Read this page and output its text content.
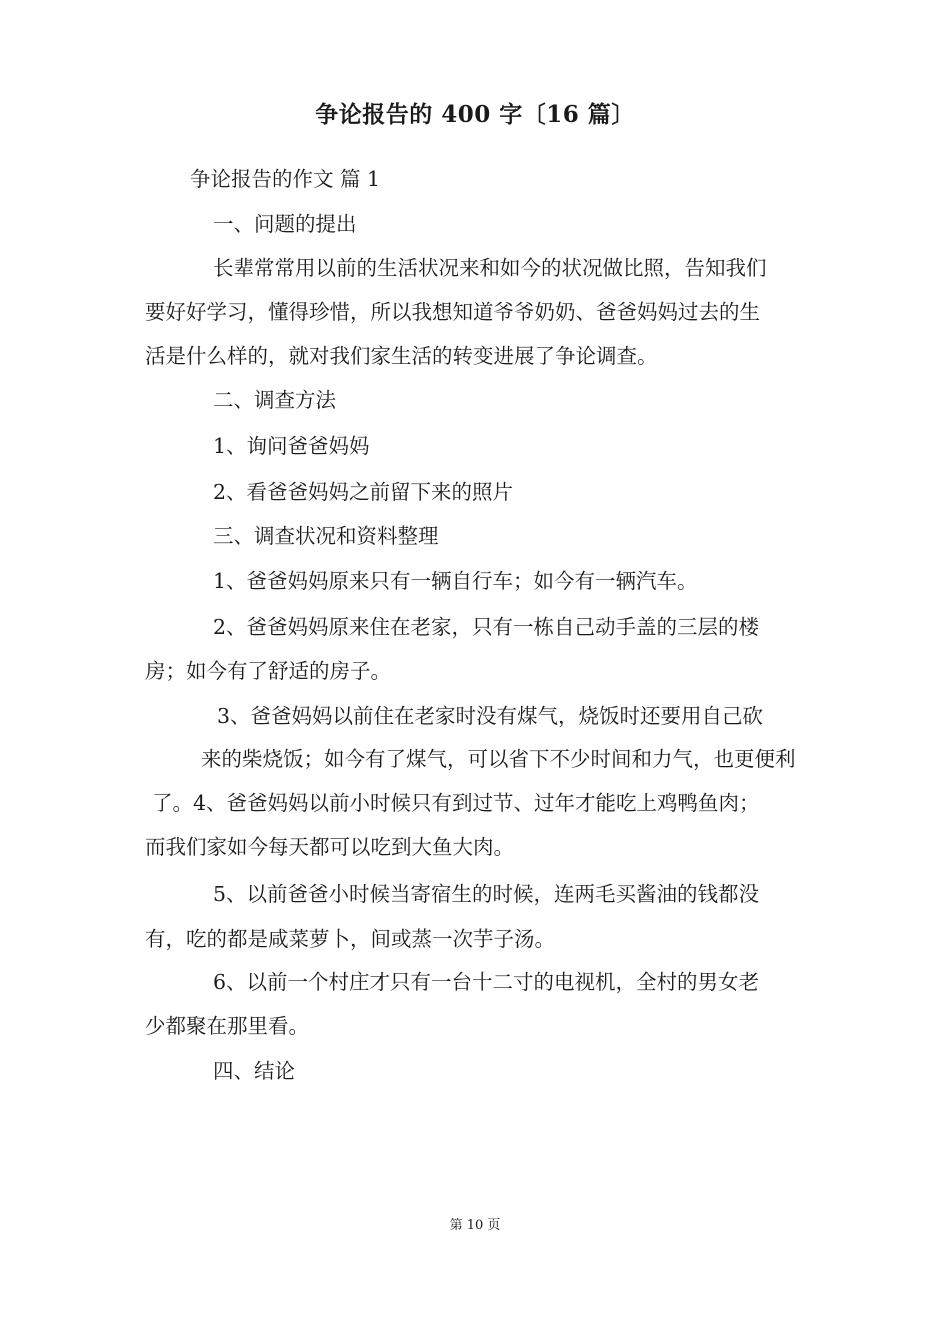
争论报告的 400 字〔16 篇〕
争论报告的作文 篇 1
一、问题的提出
长辈常常用以前的生活状况来和如今的状况做比照，告知我们
要好好学习，懂得珍惜，所以我想知道爷爷奶奶、爸爸妈妈过去的生
活是什么样的，就对我们家生活的转变进展了争论调查。
二、调查方法
1、询问爸爸妈妈
2、看爸爸妈妈之前留下来的照片
三、调查状况和资料整理
1、爸爸妈妈原来只有一辆自行车；如今有一辆汽车。
2、爸爸妈妈原来住在老家，只有一栋自己动手盖的三层的楼
房；如今有了舒适的房子。
3、爸爸妈妈以前住在老家时没有煤气，烧饭时还要用自己砍
来的柴烧饭；如今有了煤气，可以省下不少时间和力气，也更便利
了。4、爸爸妈妈以前小时候只有到过节、过年才能吃上鸡鸭鱼肉；
而我们家如今每天都可以吃到大鱼大肉。
5、以前爸爸小时候当寄宿生的时候，连两毛买酱油的钱都没
有，吃的都是咸菜萝卜，间或蒸一次芋子汤。
6、以前一个村庄才只有一台十二寸的电视机，全村的男女老
少都聚在那里看。
四、结论
第 10 页
